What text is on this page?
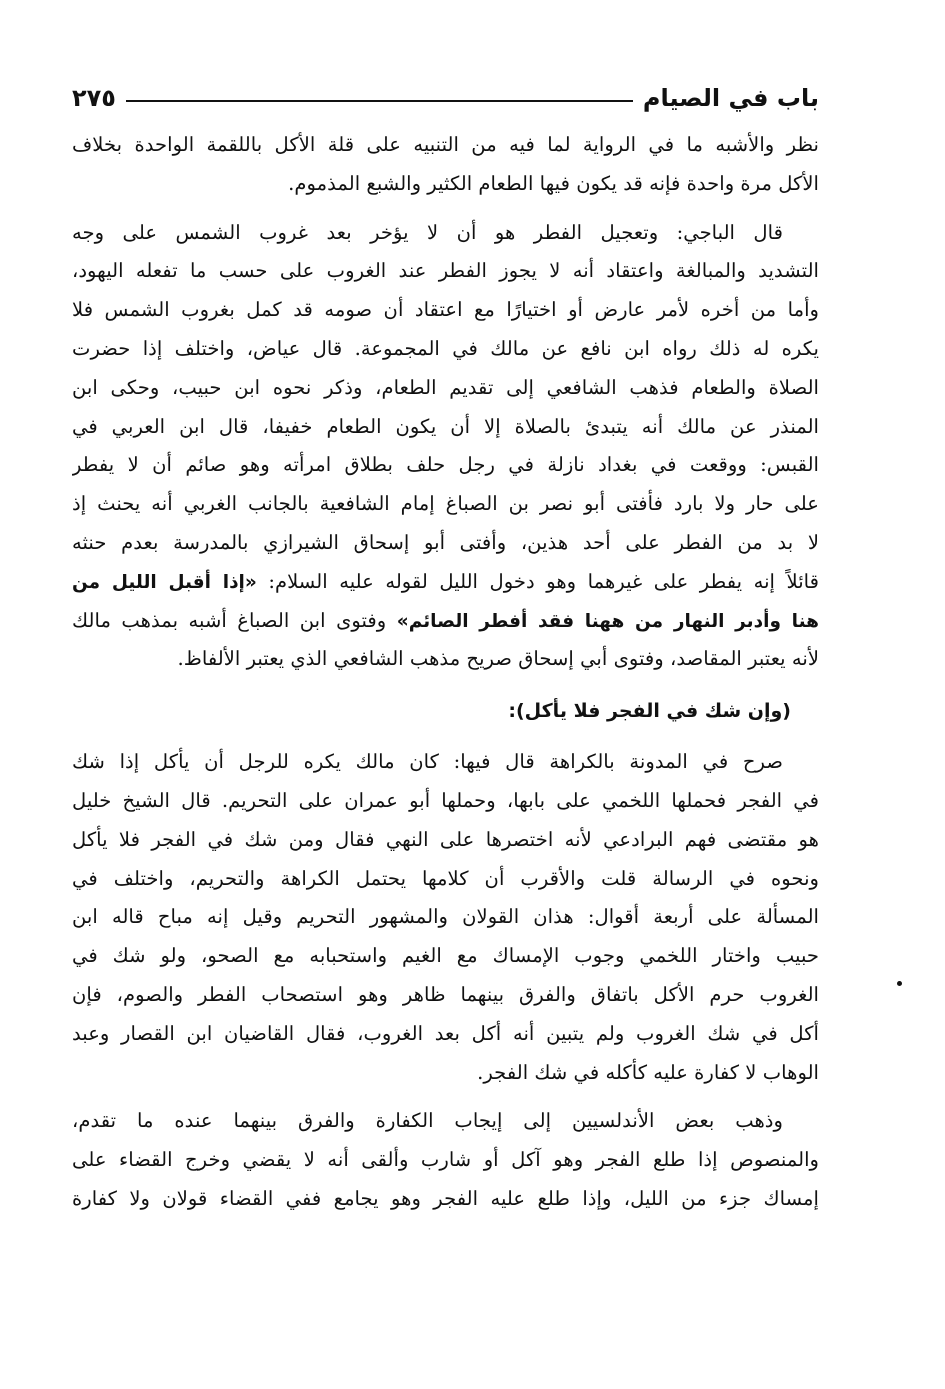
باب في الصيام
٢٧٥
نظر والأشبه ما في الرواية لما فيه من التنبيه على قلة الأكل باللقمة الواحدة بخلاف
الأكل مرة واحدة فإنه قد يكون فيها الطعام الكثير والشبع المذموم.
قال الباجي: وتعجيل الفطر هو أن لا يؤخر بعد غروب الشمس على وجه
التشديد والمبالغة واعتقاد أنه لا يجوز الفطر عند الغروب على حسب ما تفعله اليهود،
وأما من أخره لأمر عارض أو اختيارًا مع اعتقاد أن صومه قد كمل بغروب الشمس فلا
يكره له ذلك رواه ابن نافع عن مالك في المجموعة. قال عياض، واختلف إذا حضرت
الصلاة والطعام فذهب الشافعي إلى تقديم الطعام، وذكر نحوه ابن حبيب، وحكى ابن
المنذر عن مالك أنه يتبدئ بالصلاة إلا أن يكون الطعام خفيفا، قال ابن العربي في
القبس: ووقعت في بغداد نازلة في رجل حلف بطلاق امرأته وهو صائم أن لا يفطر
على حار ولا بارد فأفتى أبو نصر بن الصباغ إمام الشافعية بالجانب الغربي أنه يحنث إذ
لا بد من الفطر على أحد هذين، وأفتى أبو إسحاق الشيرازي بالمدرسة بعدم حنثه
قائلاً إنه يفطر على غيرهما وهو دخول الليل لقوله عليه السلام: «إذا أقبل الليل من
هنا وأدبر النهار من ههنا فقد أفطر الصائم» وفتوى ابن الصباغ أشبه بمذهب مالك
لأنه يعتبر المقاصد، وفتوى أبي إسحاق صريح مذهب الشافعي الذي يعتبر الألفاظ.
(وإن شك في الفجر فلا يأكل):
صرح في المدونة بالكراهة قال فيها: كان مالك يكره للرجل أن يأكل إذا شك
في الفجر فحملها اللخمي على بابها، وحملها أبو عمران على التحريم. قال الشيخ خليل
هو مقتضى فهم البرادعي لأنه اختصرها على النهي فقال ومن شك في الفجر فلا يأكل
ونحوه في الرسالة قلت والأقرب أن كلامها يحتمل الكراهة والتحريم، واختلف في
المسألة على أربعة أقوال: هذان القولان والمشهور التحريم وقيل إنه مباح قاله ابن
حبيب واختار اللخمي وجوب الإمساك مع الغيم واستحبابه مع الصحو، ولو شك في
الغروب حرم الأكل باتفاق والفرق بينهما ظاهر وهو استصحاب الفطر والصوم، فإن
أكل في شك الغروب ولم يتبين أنه أكل بعد الغروب، فقال القاضيان ابن القصار وعبد
الوهاب لا كفارة عليه كأكله في شك الفجر.
وذهب بعض الأندلسيين إلى إيجاب الكفارة والفرق بينهما عنده ما تقدم،
والمنصوص إذا طلع الفجر وهو آكل أو شارب وألقى أنه لا يقضي وخرج القضاء على
إمساك جزء من الليل، وإذا طلع عليه الفجر وهو يجامع ففي القضاء قولان ولا كفارة
